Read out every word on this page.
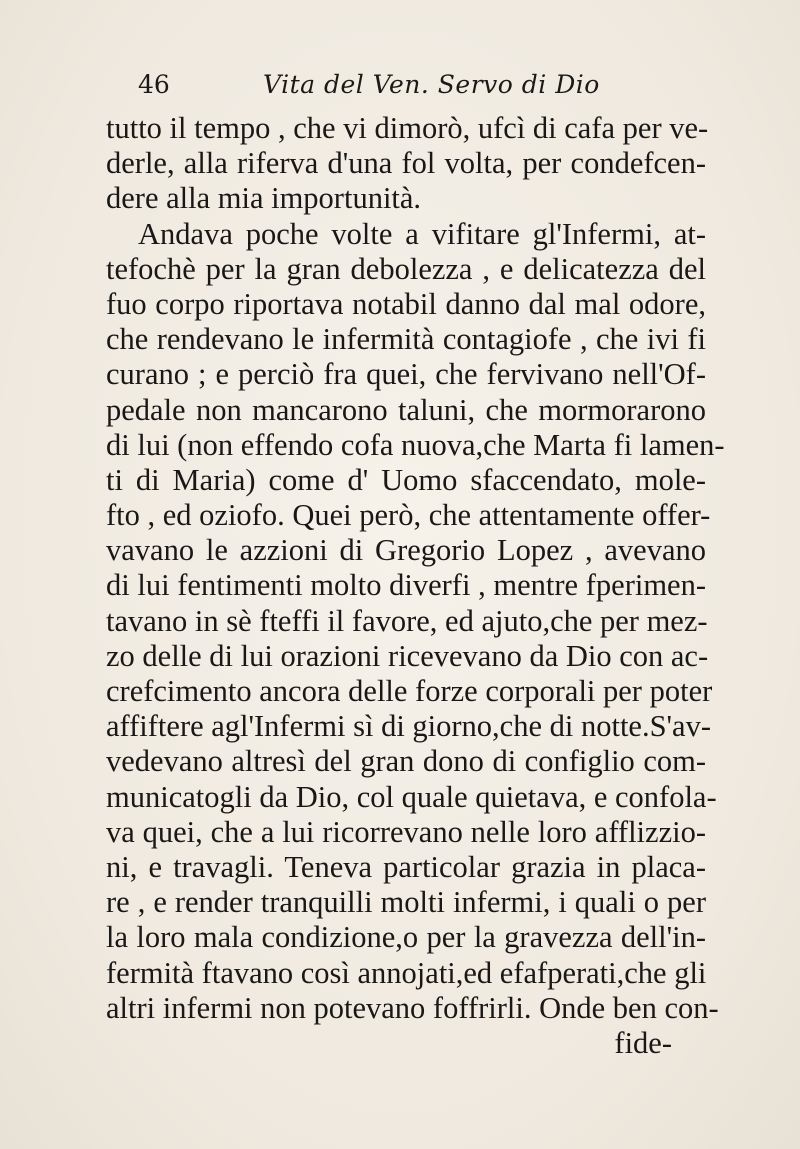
46	Vita del Ven. Servo di Dio
tutto il tempo , che vi dimorò, ufcì di cafa per ve-
derle, alla riferva d'una fol volta, per condefcen-
dere alla mia importunità.
Andava poche volte a vifitare gl'Infermi, at-
tefochè per la gran debolezza , e delicatezza del
fuo corpo riportava notabil danno dal mal odore,
che rendevano le infermità contagiofe , che ivi fi
curano ; e perciò fra quei, che fervivano nell'Of-
pedale non mancarono taluni, che mormorarono
di lui (non effendo cofa nuova,che Marta fi lamen-
ti di Maria) come d' Uomo sfaccendato, mole-
fto , ed oziofo. Quei però, che attentamente offer-
vavano le azzioni di Gregorio Lopez , avevano
di lui fentimenti molto diverfi , mentre fperimen-
tavano in sè fteffi il favore, ed ajuto,che per mez-
zo delle di lui orazioni ricevevano da Dio con ac-
crefcimento ancora delle forze corporali per poter
affiftere agl'Infermi sì di giorno,che di notte.S'av-
vedevano altresì del gran dono di configlio com-
municatogli da Dio, col quale quietava, e confola-
va quei, che a lui ricorrevano nelle loro afflizzio-
ni, e travagli. Teneva particolar grazia in placa-
re , e render tranquilli molti infermi, i quali o per
la loro mala condizione,o per la gravezza dell'in-
fermità ftavano così annojati,ed efafperati,che gli
altri infermi non potevano foffrirli. Onde ben con-
fide-
